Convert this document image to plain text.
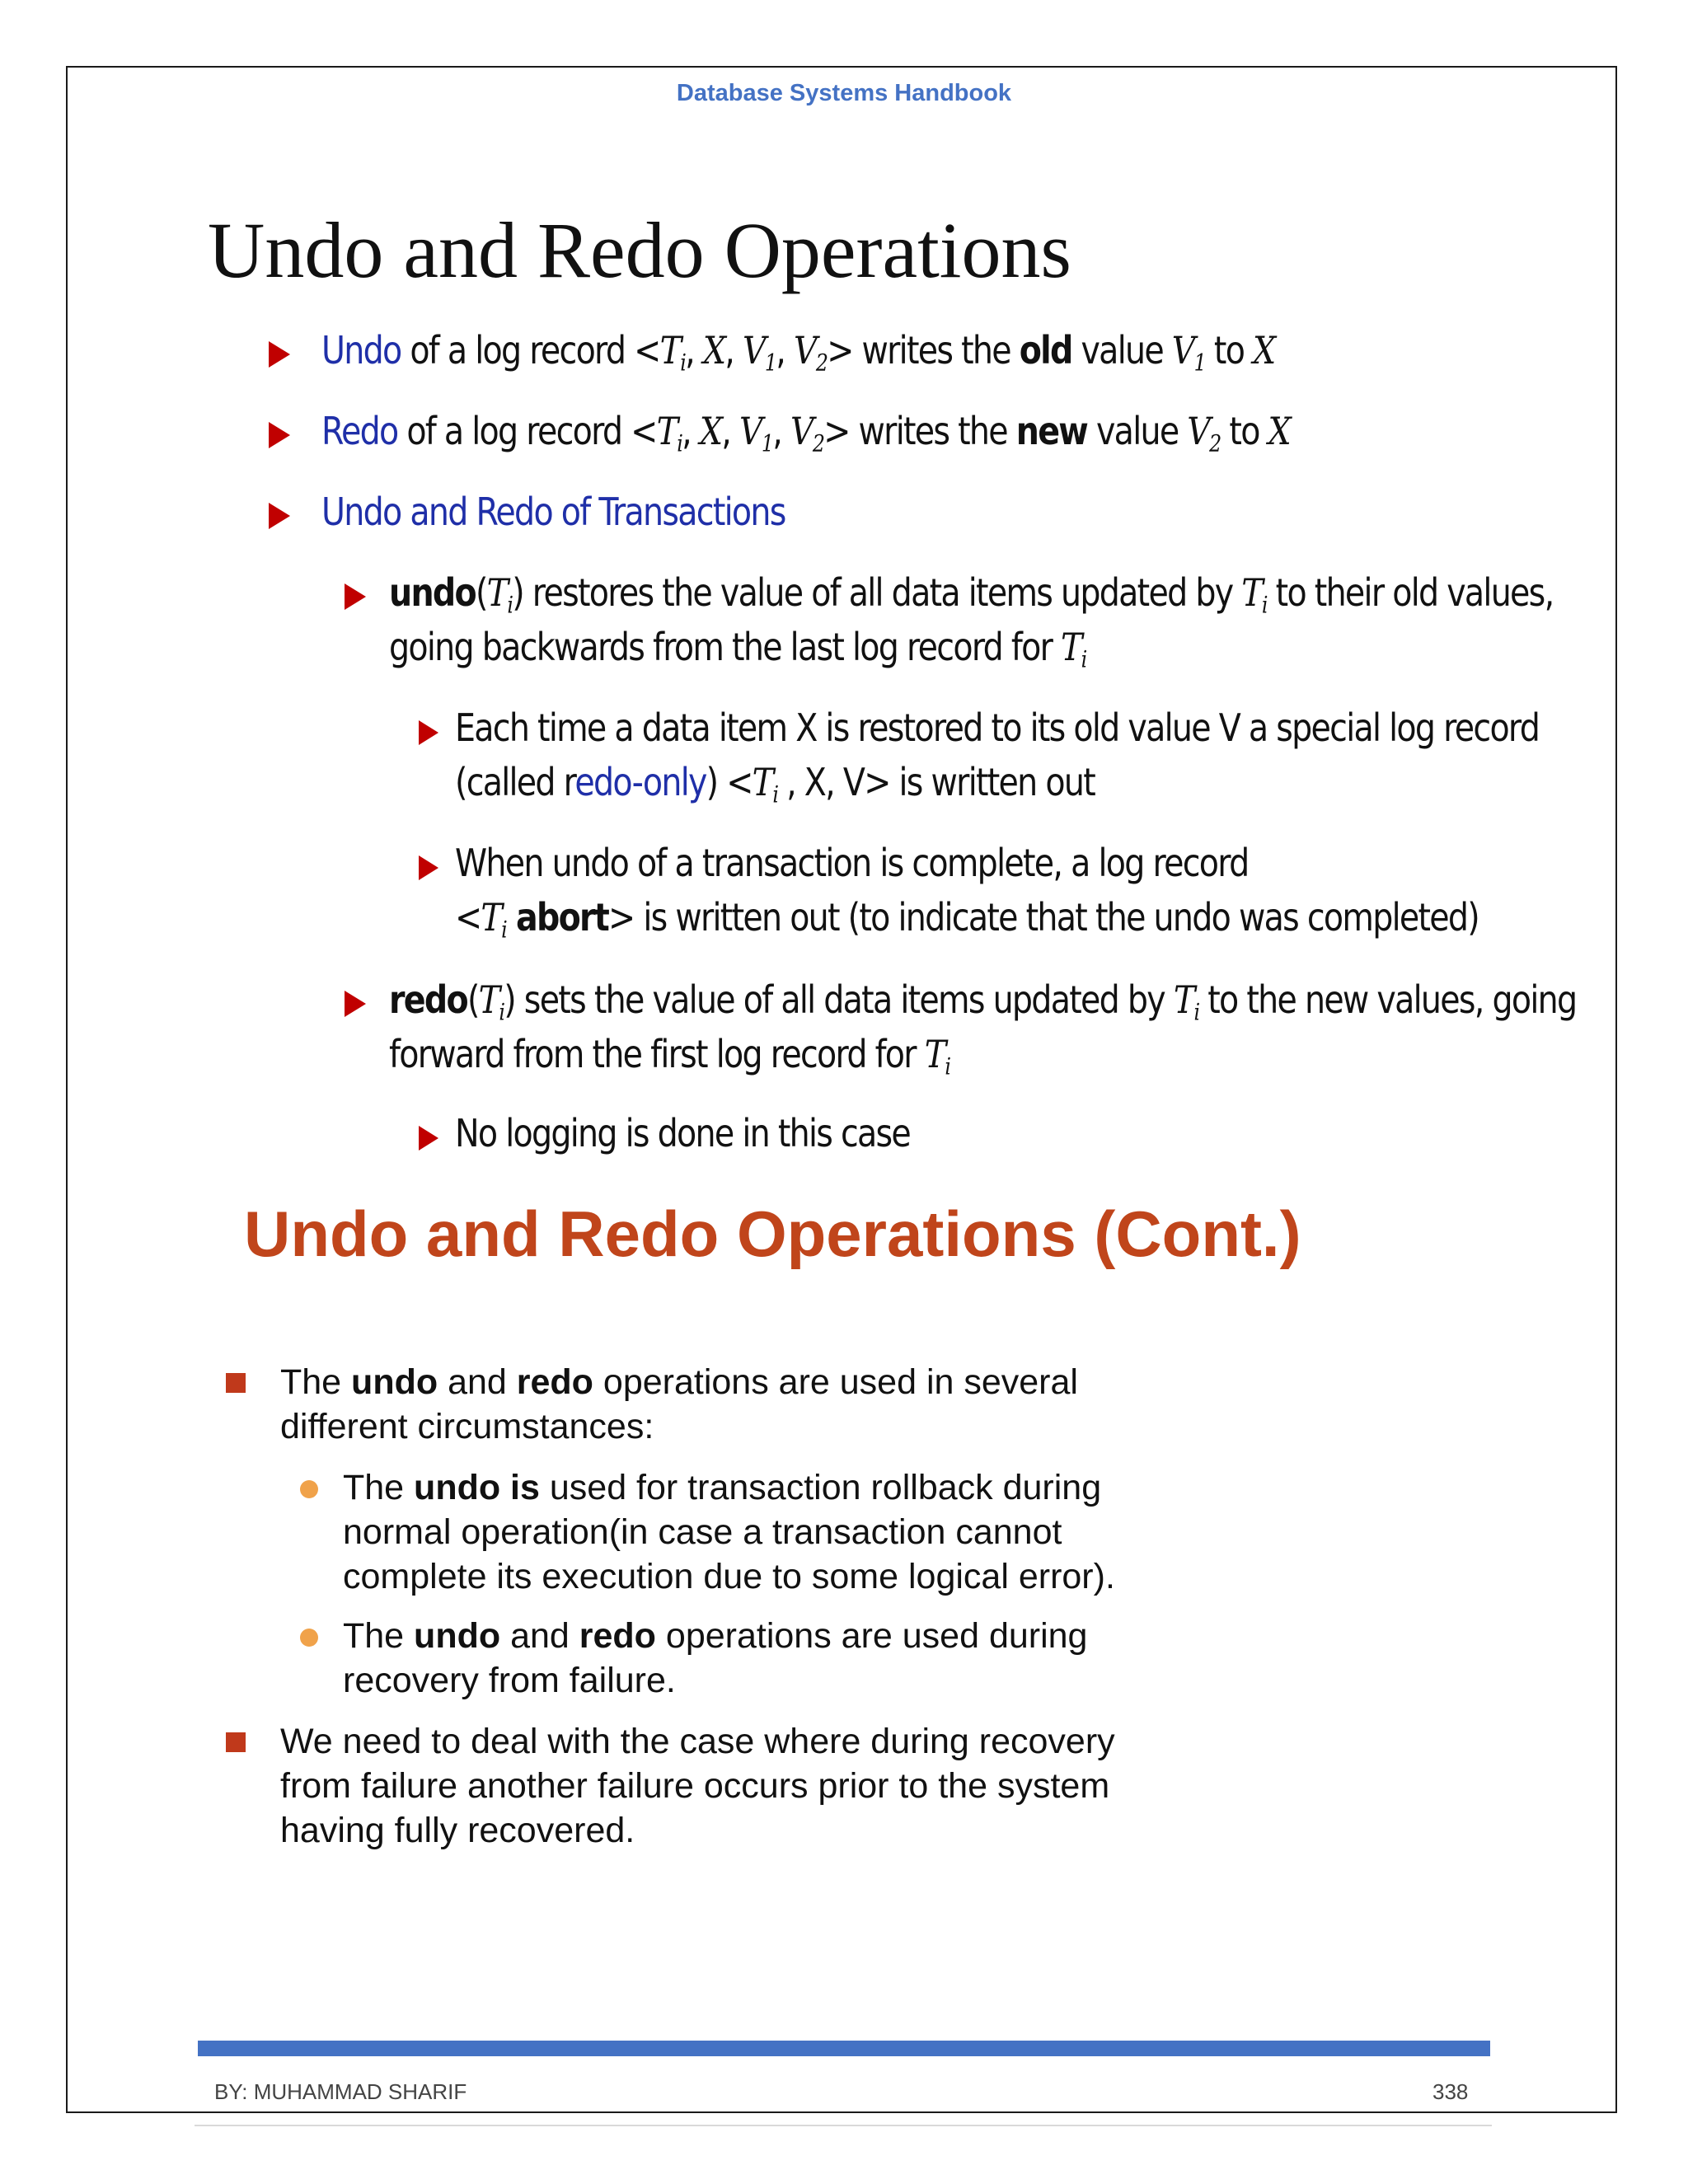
Database Systems Handbook
Undo and Redo Operations
Undo of a log record $<T_i$, X, $V_1$, $V_2>$ writes the old value $V_1$ to X
Redo of a log record $<T_i$, X, $V_1$, $V_2>$ writes the new value $V_2$ to X
Undo and Redo of Transactions
$undo(T_i)$ restores the value of all data items updated by $T_i$ to their old values,
going backwards from the last log record for $T_i$
Each time a data item X is restored to its old value V a special log record
(called redo-only) $<T_i$ , X, V> is written out
When undo of a transaction is complete, a log record
$<T_i$ abort> is written out (to indicate that the undo was completed)
$redo(T_i)$ sets the value of all data items updated by $T_i$ to the new values, going
forward from the first log record for $T_i$
No logging is done in this case
Undo and Redo Operations (Cont.)
The undo and redo operations are used in several
different circumstances:
The undo is used for transaction rollback during
normal operation(in case a transaction cannot
complete its execution due to some logical error).
The undo and redo operations are used during
recovery from failure.
We need to deal with the case where during recovery
from failure another failure occurs prior to the system
having fully recovered.
BY: MUHAMMAD SHARIF	338
